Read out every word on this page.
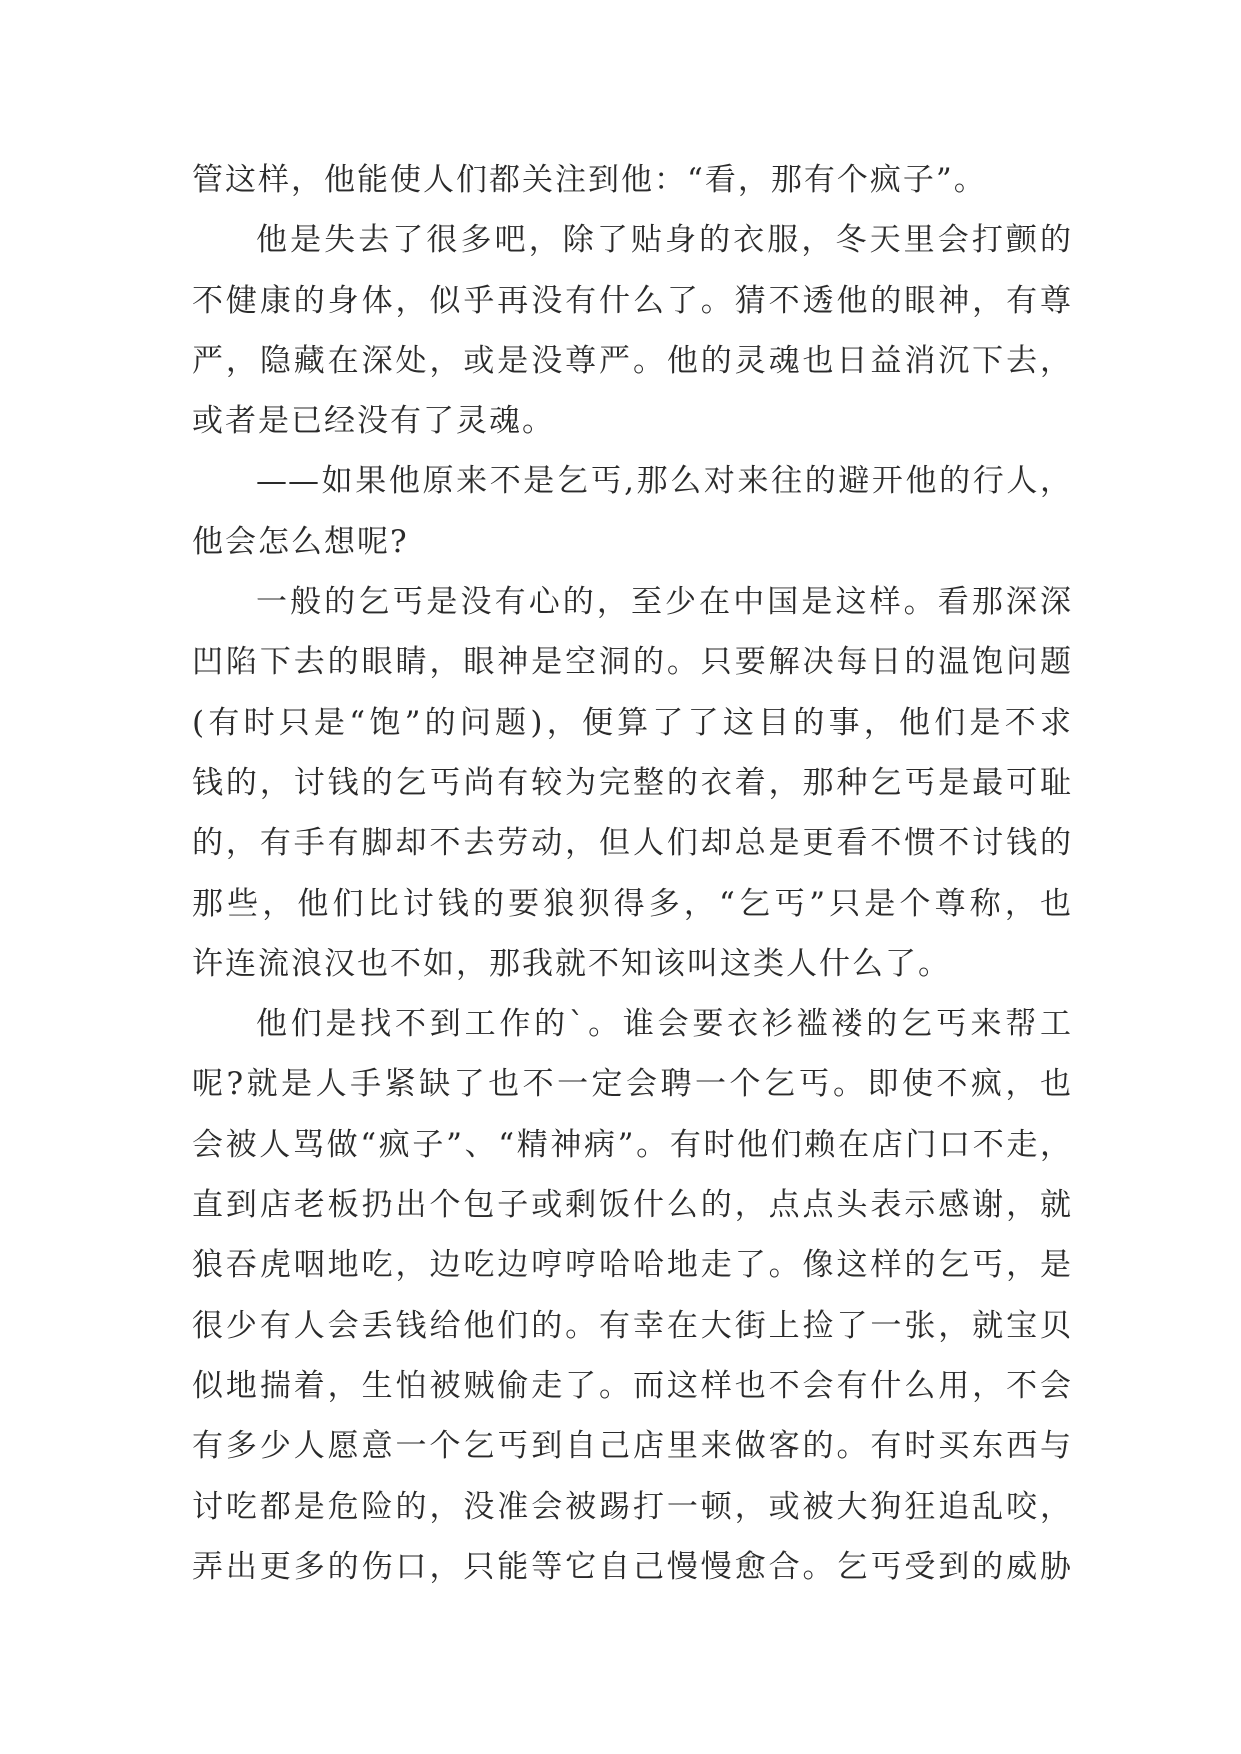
管这样，他能使人们都关注到他：“看，那有个疯子”。
他是失去了很多吧，除了贴身的衣服，冬天里会打颤的
不健康的身体，似乎再没有什么了。猜不透他的眼神，有尊
严，隐藏在深处，或是没尊严。他的灵魂也日益消沉下去，
或者是已经没有了灵魂。
——如果他原来不是乞丐,那么对来往的避开他的行人，
他会怎么想呢?
一般的乞丐是没有心的，至少在中国是这样。看那深深
凹陷下去的眼睛，眼神是空洞的。只要解决每日的温饱问题
(有时只是“饱”的问题)，便算了了这目的事，他们是不求
钱的，讨钱的乞丐尚有较为完整的衣着，那种乞丐是最可耻
的，有手有脚却不去劳动，但人们却总是更看不惯不讨钱的
那些，他们比讨钱的要狼狈得多，“乞丐”只是个尊称，也
许连流浪汉也不如，那我就不知该叫这类人什么了。
他们是找不到工作的`。谁会要衣衫褴褛的乞丐来帮工
呢?就是人手紧缺了也不一定会聘一个乞丐。即使不疯，也
会被人骂做“疯子”、“精神病”。有时他们赖在店门口不走，
直到店老板扔出个包子或剩饭什么的，点点头表示感谢，就
狼吞虎咽地吃，边吃边哼哼哈哈地走了。像这样的乞丐，是
很少有人会丢钱给他们的。有幸在大街上捡了一张，就宝贝
似地揣着，生怕被贼偷走了。而这样也不会有什么用，不会
有多少人愿意一个乞丐到自己店里来做客的。有时买东西与
讨吃都是危险的，没准会被踢打一顿，或被大狗狂追乱咬，
弄出更多的伤口，只能等它自己慢慢愈合。乞丐受到的威胁
